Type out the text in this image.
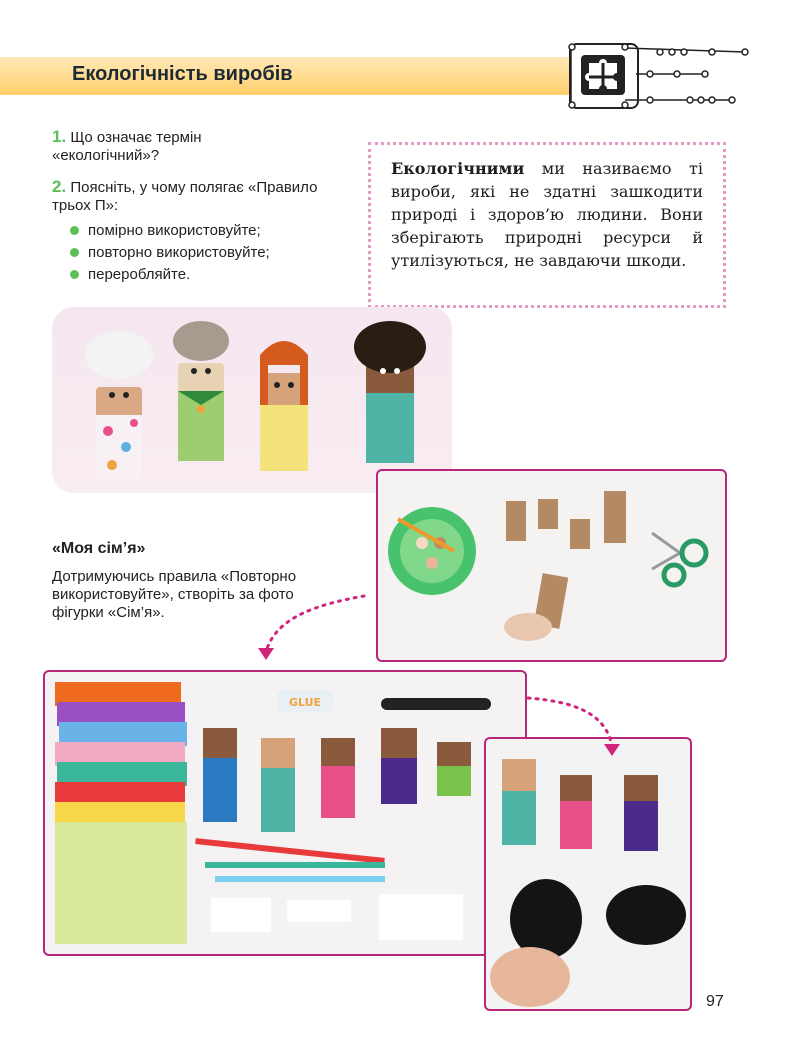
Екологічність виробів
1. Що означає термін «екологічний»?
2. Поясніть, у чому полягає «Правило трьох П»:
помірно використовуйте;
повторно використовуйте;
переробляйте.
Екологічними ми називаємо ті вироби, які не здатні зашкодити природі і здоров’ю людини. Вони зберігають природні ресурси й утилізуються, не завдаючи шкоди.
«Моя сім’я»
Дотримуючись правила «Повторно використовуйте», створіть за фото фігурки «Сім’я».
GLUE
97
